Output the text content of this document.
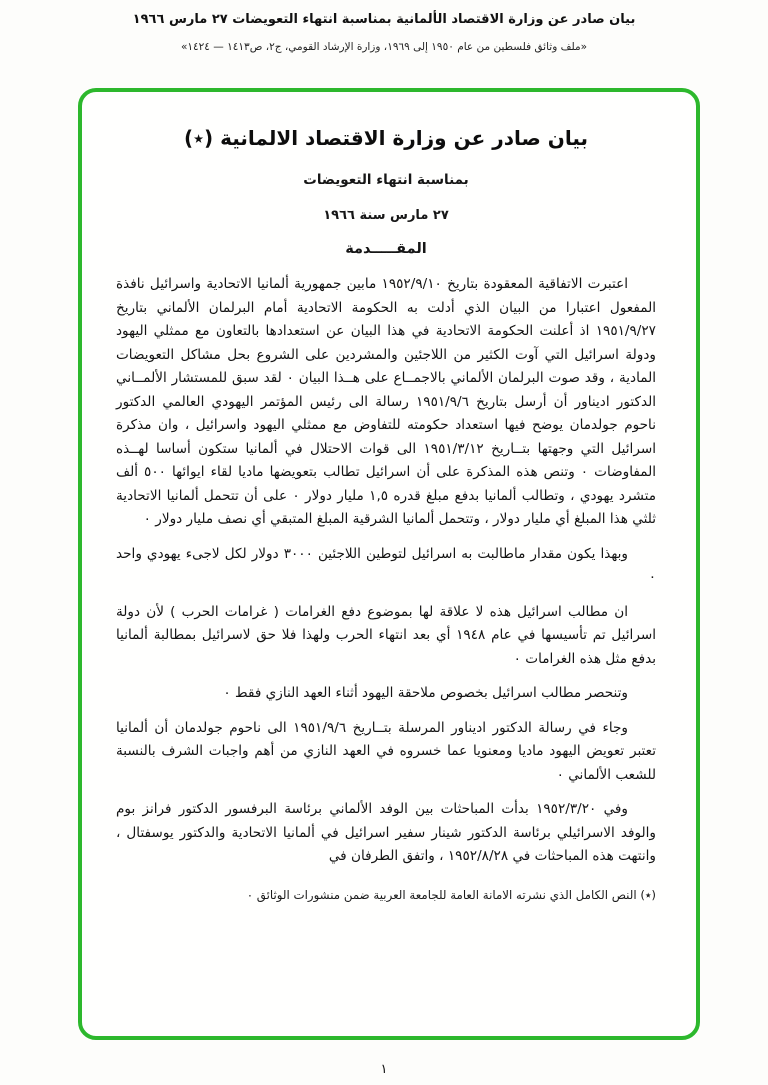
بيان صادر عن وزارة الاقتصاد الألمانية بمناسبة انتهاء التعويضات ٢٧ مارس ١٩٦٦
«ملف وثائق فلسطين من عام ١٩٥٠ إلى ١٩٦٩، وزارة الإرشاد القومي، ج٢، ص١٤١٣ — ١٤٢٤»
بيان صادر عن وزارة الاقتصاد الالمانية (٭)
بمناسبة انتهاء التعويضات
٢٧ مارس سنة ١٩٦٦
المقـــــدمة

اعتبرت الاتفاقية المعقودة بتاريخ ١٩٥٢/٩/١٠ مابين جمهورية ألمانيا الاتحادية واسرائيل نافذة المفعول اعتبارا من البيان الذي أدلت به الحكومة الاتحادية أمام البرلمان الألماني بتاريخ ١٩٥١/٩/٢٧ اذ أعلنت الحكومة الاتحادية في هذا البيان عن استعدادها بالتعاون مع ممثلي اليهود ودولة اسرائيل التي آوت الكثير من اللاجئين والمشردين على الشروع بحل مشاكل التعويضات المادية ، وقد صوت البرلمان الألماني بالاجمــاع على هــذا البيان ٠ لقد سبق للمستشار الألمــاني الدكتور اديناور أن أرسل بتاريخ ١٩٥١/٩/٦ رسالة الى رئيس المؤتمر اليهودي العالمي الدكتور ناحوم جولدمان يوضح فيها استعداد حكومته للتفاوض مع ممثلي اليهود واسرائيل ، وان مذكرة اسرائيل التي وجهتها بتــاريخ ١٩٥١/٣/١٢ الى قوات الاحتلال في ألمانيا ستكون أساسا لهــذه المفاوضات ٠ وتنص هذه المذكرة على أن اسرائيل تطالب بتعويضها ماديا لقاء ايوائها ٥٠٠ ألف متشرد يهودي ، وتطالب ألمانيا بدفع مبلغ قدره ١,٥ مليار دولار ٠ على أن تتحمل ألمانيا الاتحادية ثلثي هذا المبلغ أي مليار دولار ، وتتحمل ألمانيا الشرقية المبلغ المتبقي أي نصف مليار دولار ٠

وبهذا يكون مقدار ماطالبت به اسرائيل لتوطين اللاجئين ٣٠٠٠ دولار لكل لاجىء يهودي واحد ٠

ان مطالب اسرائيل هذه لا علاقة لها بموضوع دفع الغرامات ( غرامات الحرب ) لأن دولة اسرائيل تم تأسيسها في عام ١٩٤٨ أي بعد انتهاء الحرب ولهذا فلا حق لاسرائيل بمطالبة ألمانيا بدفع مثل هذه الغرامات ٠

وتنحصر مطالب اسرائيل بخصوص ملاحقة اليهود أثناء العهد النازي فقط ٠

وجاء في رسالة الدكتور اديناور المرسلة بتــاريخ ١٩٥١/٩/٦ الى ناحوم جولدمان أن ألمانيا تعتبر تعويض اليهود ماديا ومعنويا عما خسروه في العهد النازي من أهم واجبات الشرف بالنسبة للشعب الألماني ٠

وفي ١٩٥٢/٣/٢٠ بدأت المباحثات بين الوفد الألماني برئاسة البرفسور الدكتور فرانز بوم والوفد الاسرائيلي برئاسة الدكتور شينار سفير اسرائيل في ألمانيا الاتحادية والدكتور يوسفتال ، وانتهت هذه المباحثات في ١٩٥٢/٨/٢٨ ، واتفق الطرفان في

(٭) النص الكامل الذي نشرته الامانة العامة للجامعة العربية ضمن منشورات الوثائق ٠
١
